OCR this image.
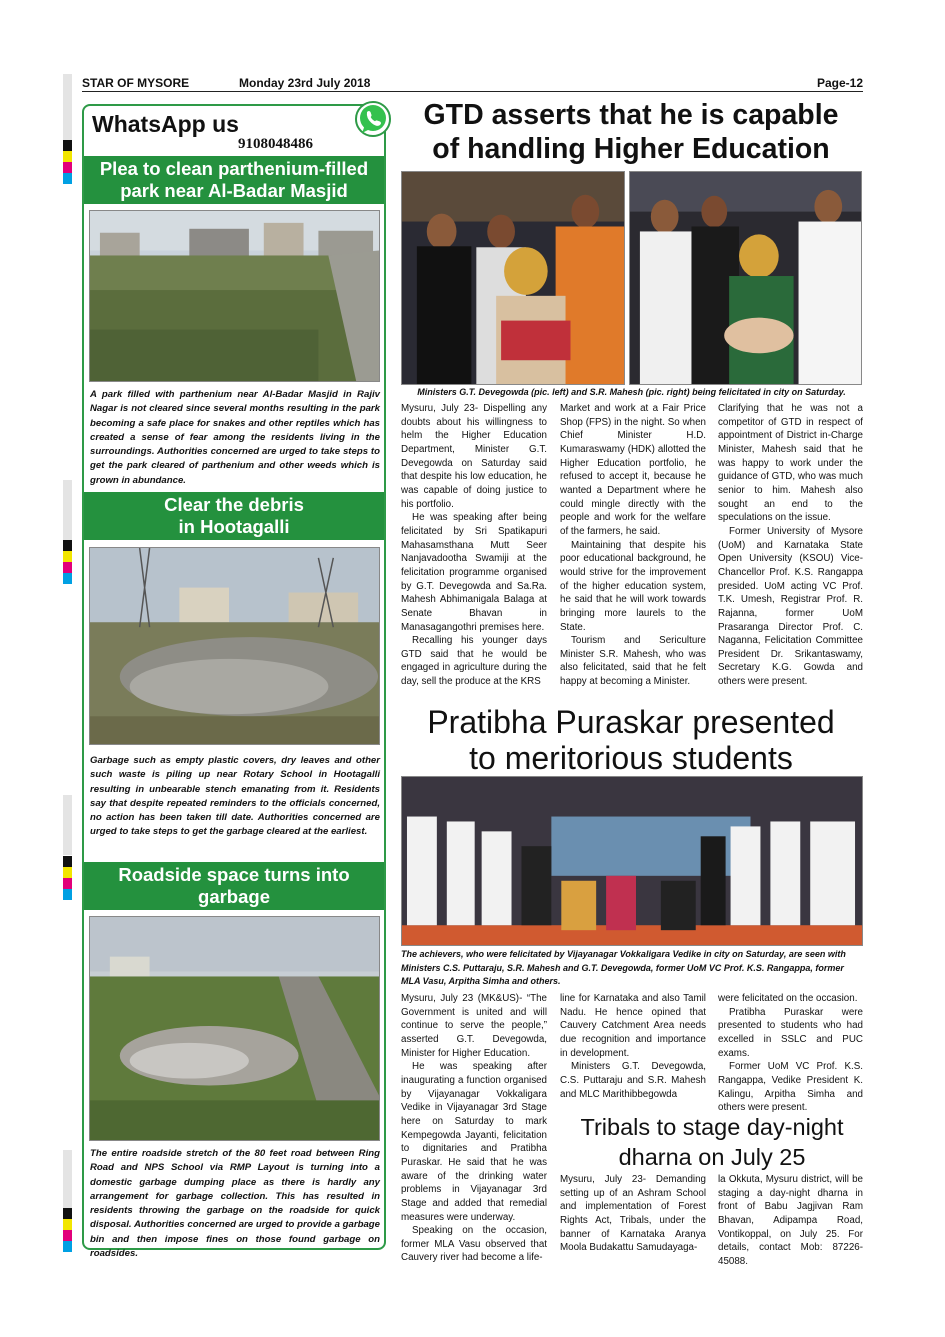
STAR OF MYSORE	Monday 23rd July 2018	Page-12
WhatsApp us
9108048486
Plea to clean parthenium-filled
park near Al-Badar Masjid
A park filled with parthenium near Al-Badar Masjid in Rajiv Nagar is not cleared since several months resulting in the park becoming a safe place for snakes and other reptiles which has created a sense of fear among the residents living in the surroundings. Authorities concerned are urged to take steps to get the park cleared of parthenium and other weeds which is grown in abundance.
Clear the debris
in Hootagalli
Garbage such as empty plastic covers, dry leaves and other such waste is piling up near Rotary School in Hootagalli resulting in unbearable stench emanating from it. Residents say that despite repeated reminders to the officials concerned, no action has been taken till date. Authorities concerned are urged to take steps to get the garbage cleared at the earliest.
Roadside space turns into garbage
The entire roadside stretch of the 80 feet road between Ring Road and NPS School via RMP Layout is turning into a domestic garbage dumping place as there is hardly any arrangement for garbage collection. This has resulted in residents throwing the garbage on the roadside for quick disposal. Authorities concerned are urged to provide a garbage bin and then impose fines on those found garbage on roadsides.
GTD asserts that he is capable
of handling Higher Education
Ministers G.T. Devegowda (pic. left) and S.R. Mahesh (pic. right) being felicitated in city on Saturday.

Mysuru, July 23- Dispelling any doubts about his willingness to helm the Higher Education Department, Minister G.T. Devegowda on Saturday said that despite his low education, he was capable of doing justice to his portfolio.

He was speaking after being felicitated by Sri Spatikapuri Mahasamsthana Mutt Seer Nanjavadootha Swamiji at the felicitation programme organised by G.T. Devegowda and Sa.Ra. Mahesh Abhimanigala Balaga at Senate Bhavan in Manasagangothri premises here.

Recalling his younger days GTD said that he would be engaged in agriculture during the day, sell the produce at the KRS

Market and work at a Fair Price Shop (FPS) in the night. So when Chief Minister H.D. Kumaraswamy (HDK) allotted the Higher Education portfolio, he refused to accept it, because he wanted a Department where he could mingle directly with the people and work for the welfare of the farmers, he said.

Maintaining that despite his poor educational background, he would strive for the improvement of the higher education system, he said that he will work towards bringing more laurels to the State.

Tourism and Sericulture Minister S.R. Mahesh, who was also felicitated, said that he felt happy at becoming a Minister.

Clarifying that he was not a competitor of GTD in respect of appointment of District in-Charge Minister, Mahesh said that he was happy to work under the guidance of GTD, who was much senior to him. Mahesh also sought an end to the speculations on the issue.

Former University of Mysore (UoM) and Karnataka State Open University (KSOU) Vice-Chancellor Prof. K.S. Rangappa presided. UoM acting VC Prof. T.K. Umesh, Registrar Prof. R. Rajanna, former UoM Prasaranga Director Prof. C. Naganna, Felicitation Committee President Dr. Srikantaswamy, Secretary K.G. Gowda and others were present.

Pratibha Puraskar presented
to meritorious students
The achievers, who were felicitated by Vijayanagar Vokkaligara Vedike in city on Saturday, are seen with Ministers C.S. Puttaraju, S.R. Mahesh and G.T. Devegowda, former UoM VC Prof. K.S. Rangappa, former MLA Vasu, Arpitha Simha and others.

Mysuru, July 23 (MK&US)- “The Government is united and will continue to serve the people,” asserted G.T. Devegowda, Minister for Higher Education.

He was speaking after inaugurating a function organised by Vijayanagar Vokkaligara Vedike in Vijayanagar 3rd Stage here on Saturday to mark Kempegowda Jayanti, felicitation to dignitaries and Pratibha Puraskar. He said that he was aware of the drinking water problems in Vijayanagar 3rd Stage and added that remedial measures were underway.

Speaking on the occasion, former MLA Vasu observed that Cauvery river had become a life-

line for Karnataka and also Tamil Nadu. He hence opined that Cauvery Catchment Area needs due recognition and importance in development.

Ministers G.T. Devegowda, C.S. Puttaraju and S.R. Mahesh and MLC Marithibbegowda

were felicitated on the occasion.

Pratibha Puraskar were presented to students who had excelled in SSLC and PUC exams.

Former UoM VC Prof. K.S. Rangappa, Vedike President K. Kalingu, Arpitha Simha and others were present.

Tribals to stage day-night
dharna on July 25

Mysuru, July 23- Demanding setting up of an Ashram School and implementation of Forest Rights Act, Tribals, under the banner of Karnataka Aranya Moola Budakattu Samudayaga-

la Okkuta, Mysuru district, will be staging a day-night dharna in front of Babu Jagjivan Ram Bhavan, Adipampa Road, Vontikoppal, on July 25. For details, contact Mob: 87226-45088.
